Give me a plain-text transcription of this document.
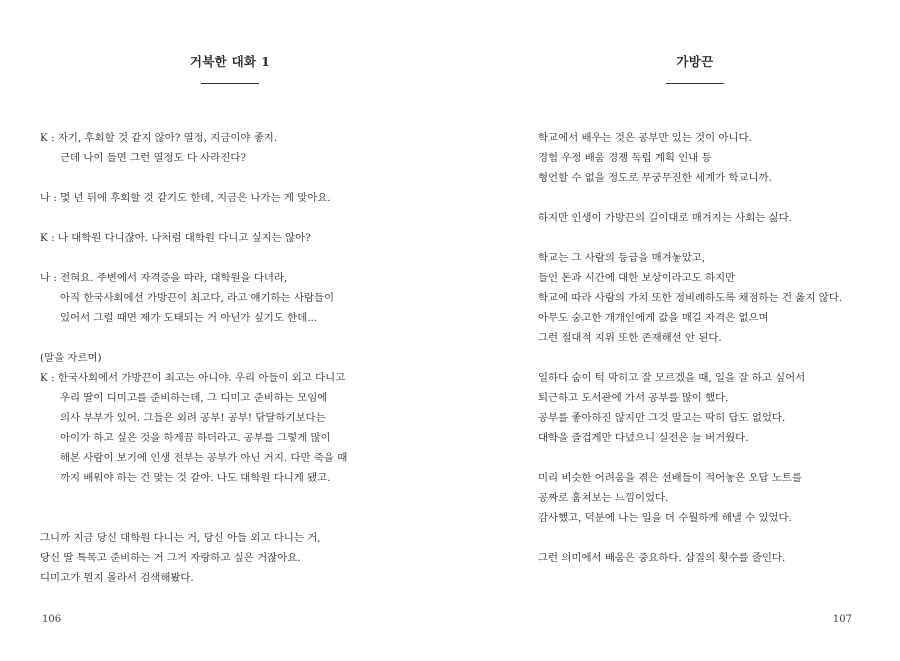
거북한 대화 1
K : 자기, 후회할 것 같지 않아? 열정, 지금이야 좋지.
근데 나이 들면 그런 열정도 다 사라진다?
나 : 몇 년 뒤에 후회할 것 같기도 한데, 지금은 나가는 게 맞아요.
K : 나 대학원 다니잖아. 나처럼 대학원 다니고 싶지는 않아?
나 : 전혀요. 주변에서 자격증을 따라, 대학원을 다녀라,
아직 한국사회에선 가방끈이 최고다, 라고 얘기하는 사람들이
있어서 그럴 때면 제가 도태되는 거 아닌가 싶기도 한데...
(말을 자르며)
K : 한국사회에서 가방끈이 최고는 아니야. 우리 아들이 외고 다니고
우리 딸이 디미고를 준비하는데, 그 디미고 준비하는 모임에
의사 부부가 있어. 그들은 외려 공부! 공부! 닦달하기보다는
아이가 하고 싶은 것을 하게끔 하더라고. 공부를 그렇게 많이
해본 사람이 보기에 인생 전부는 공부가 아닌 거지. 다만 죽을 때
까지 배워야 하는 건 맞는 것 같아. 나도 대학원 다니게 됐고.
그니까 지금 당신 대학원 다니는 거, 당신 아들 외고 다니는 거,
당신 딸 특목고 준비하는 거 그거 자랑하고 싶은 거잖아요.
디미고가 뭔지 몰라서 검색해봤다.
106
가방끈
학교에서 배우는 것은 공부만 있는 것이 아니다.
경험 우정 배움 경쟁 독립 계획 인내 등
형언할 수 없을 정도로 무궁무진한 세계가 학교니까.
하지만 인생이 가방끈의 길이대로 매겨지는 사회는 싫다.
학교는 그 사람의 등급을 매겨놓았고,
들인 돈과 시간에 대한 보상이라고도 하지만
학교에 따라 사람의 가치 또한 정비례하도록 채점하는 건 옳지 않다.
아무도 숭고한 개개인에게 값을 매길 자격은 없으며
그런 절대적 지위 또한 존재해선 안 된다.
일하다 숨이 턱 막히고 잘 모르겠을 때, 일을 잘 하고 싶어서
퇴근하고 도서관에 가서 공부를 많이 했다.
공부를 좋아하진 않지만 그것 말고는 딱히 답도 없었다.
대학을 즐겁게만 다녔으니 실전은 늘 버거웠다.
미리 비슷한 어려움을 겪은 선배들이 적어놓은 오답 노트를
공짜로 훔쳐보는 느낌이었다.
감사했고, 덕분에 나는 일을 더 수월하게 해낼 수 있었다.
그런 의미에서 배움은 중요하다. 삽질의 횟수를 줄인다.
107
